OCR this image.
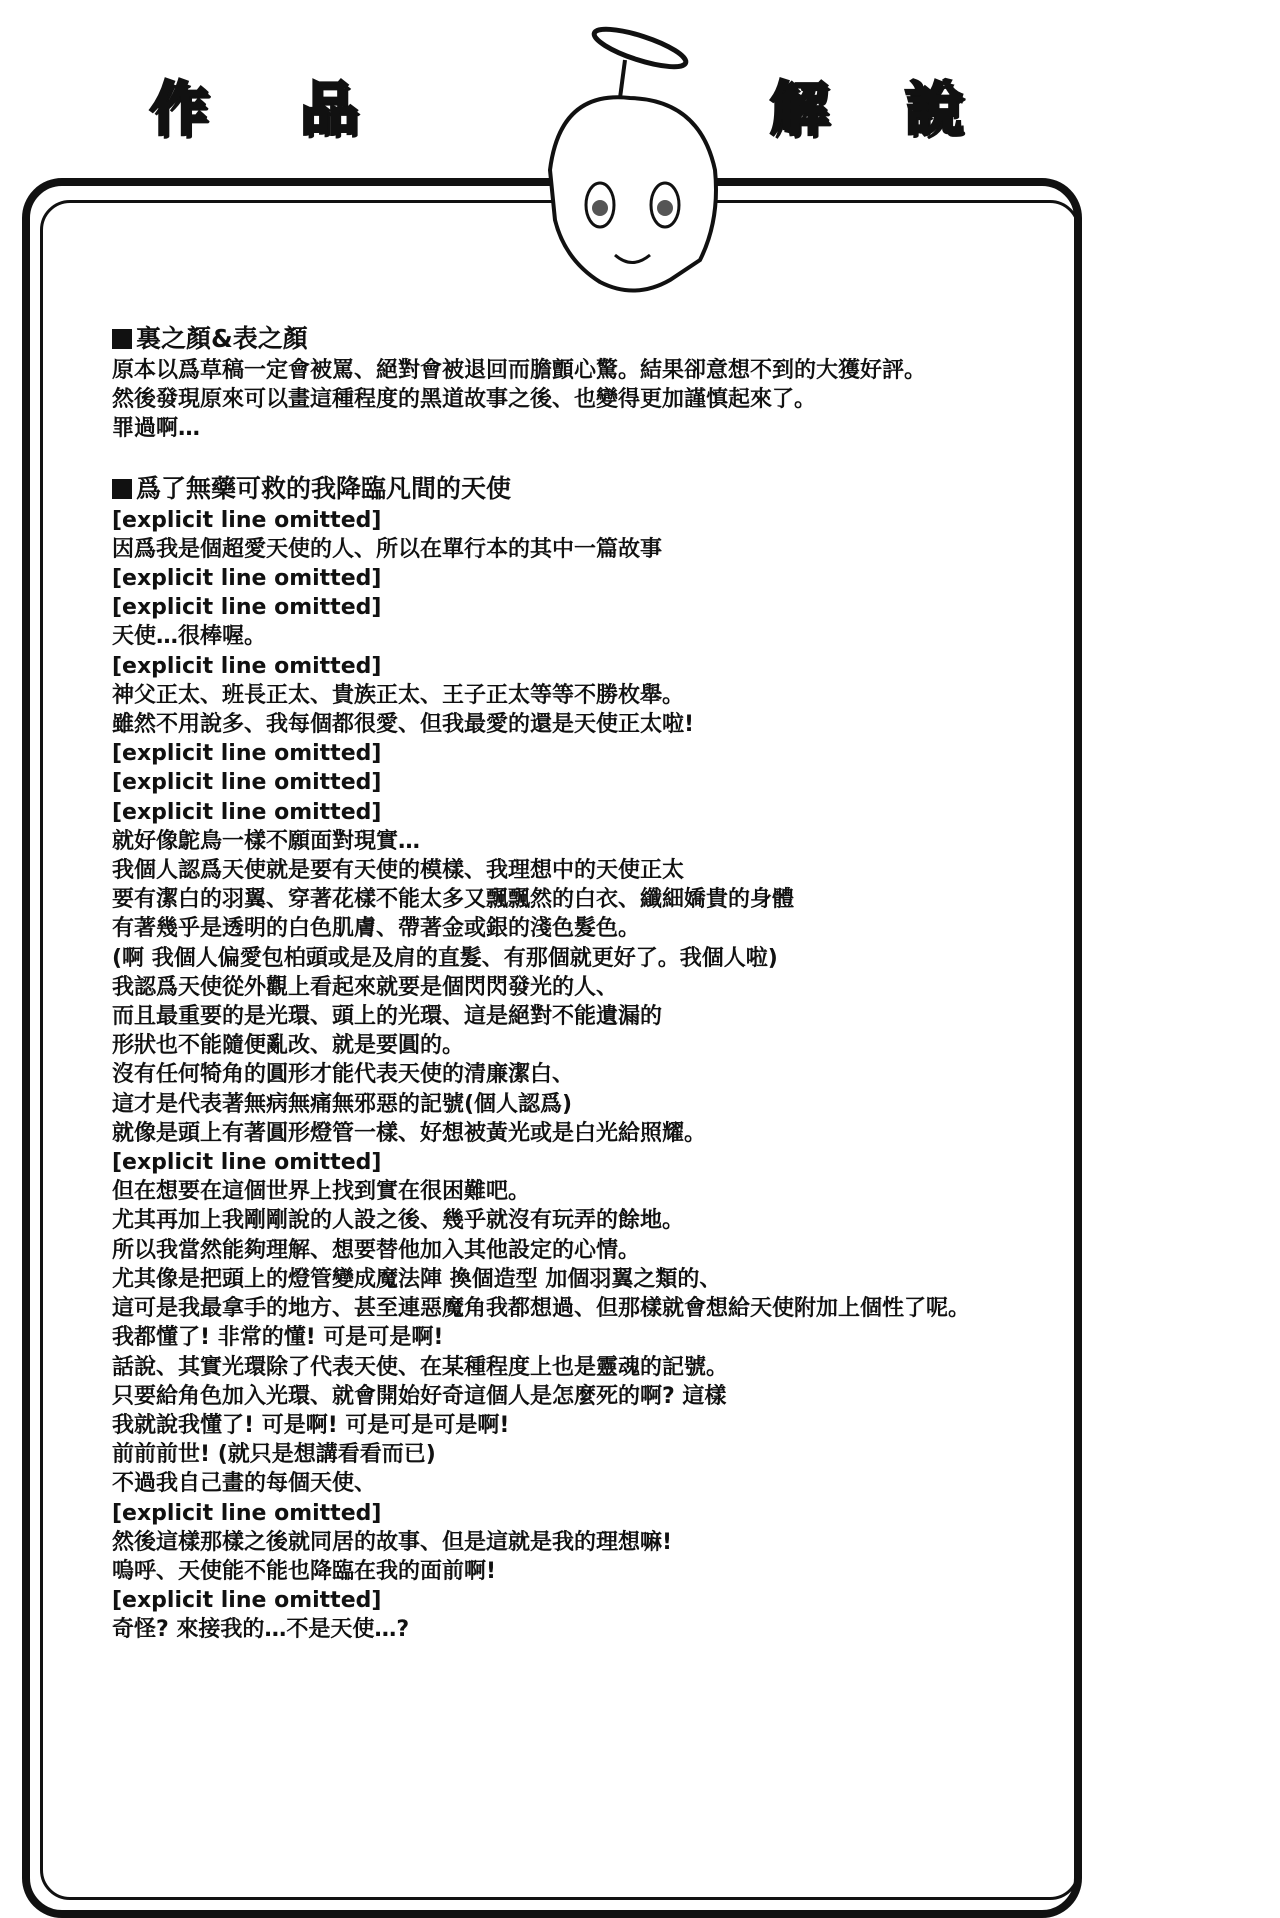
作 品	解 說
裏之顏&表之顏
原本以爲草稿一定會被罵、絕對會被退回而膽顫心驚。結果卻意想不到的大獲好評。
然後發現原來可以畫這種程度的黑道故事之後、也變得更加謹慎起來了。
罪過啊…
爲了無藥可救的我降臨凡間的天使
[explicit line omitted]
因爲我是個超愛天使的人、所以在單行本的其中一篇故事
[explicit line omitted]
[explicit line omitted]
天使…很棒喔。
[explicit line omitted]
神父正太、班長正太、貴族正太、王子正太等等不勝枚舉。
雖然不用說多、我每個都很愛、但我最愛的還是天使正太啦!
[explicit line omitted]
[explicit line omitted]
[explicit line omitted]
就好像鴕鳥一樣不願面對現實…
我個人認爲天使就是要有天使的模樣、我理想中的天使正太
要有潔白的羽翼、穿著花樣不能太多又飄飄然的白衣、纖細嬌貴的身體
有著幾乎是透明的白色肌膚、帶著金或銀的淺色髮色。
(啊 我個人偏愛包柏頭或是及肩的直髮、有那個就更好了。我個人啦)
我認爲天使從外觀上看起來就要是個閃閃發光的人、
而且最重要的是光環、頭上的光環、這是絕對不能遺漏的
形狀也不能隨便亂改、就是要圓的。
沒有任何犄角的圓形才能代表天使的清廉潔白、
這才是代表著無病無痛無邪惡的記號(個人認爲)
就像是頭上有著圓形燈管一樣、好想被黃光或是白光給照耀。
[explicit line omitted]
但在想要在這個世界上找到實在很困難吧。
尤其再加上我剛剛說的人設之後、幾乎就沒有玩弄的餘地。
所以我當然能夠理解、想要替他加入其他設定的心情。
尤其像是把頭上的燈管變成魔法陣 換個造型 加個羽翼之類的、
這可是我最拿手的地方、甚至連惡魔角我都想過、但那樣就會想給天使附加上個性了呢。
我都懂了! 非常的懂! 可是可是啊!
話說、其實光環除了代表天使、在某種程度上也是靈魂的記號。
只要給角色加入光環、就會開始好奇這個人是怎麼死的啊? 這樣
我就說我懂了! 可是啊! 可是可是可是啊!
前前前世! (就只是想講看看而已)
不過我自己畫的每個天使、
[explicit line omitted]
然後這樣那樣之後就同居的故事、但是這就是我的理想嘛!
嗚呼、天使能不能也降臨在我的面前啊!
[explicit line omitted]
奇怪? 來接我的…不是天使…?
